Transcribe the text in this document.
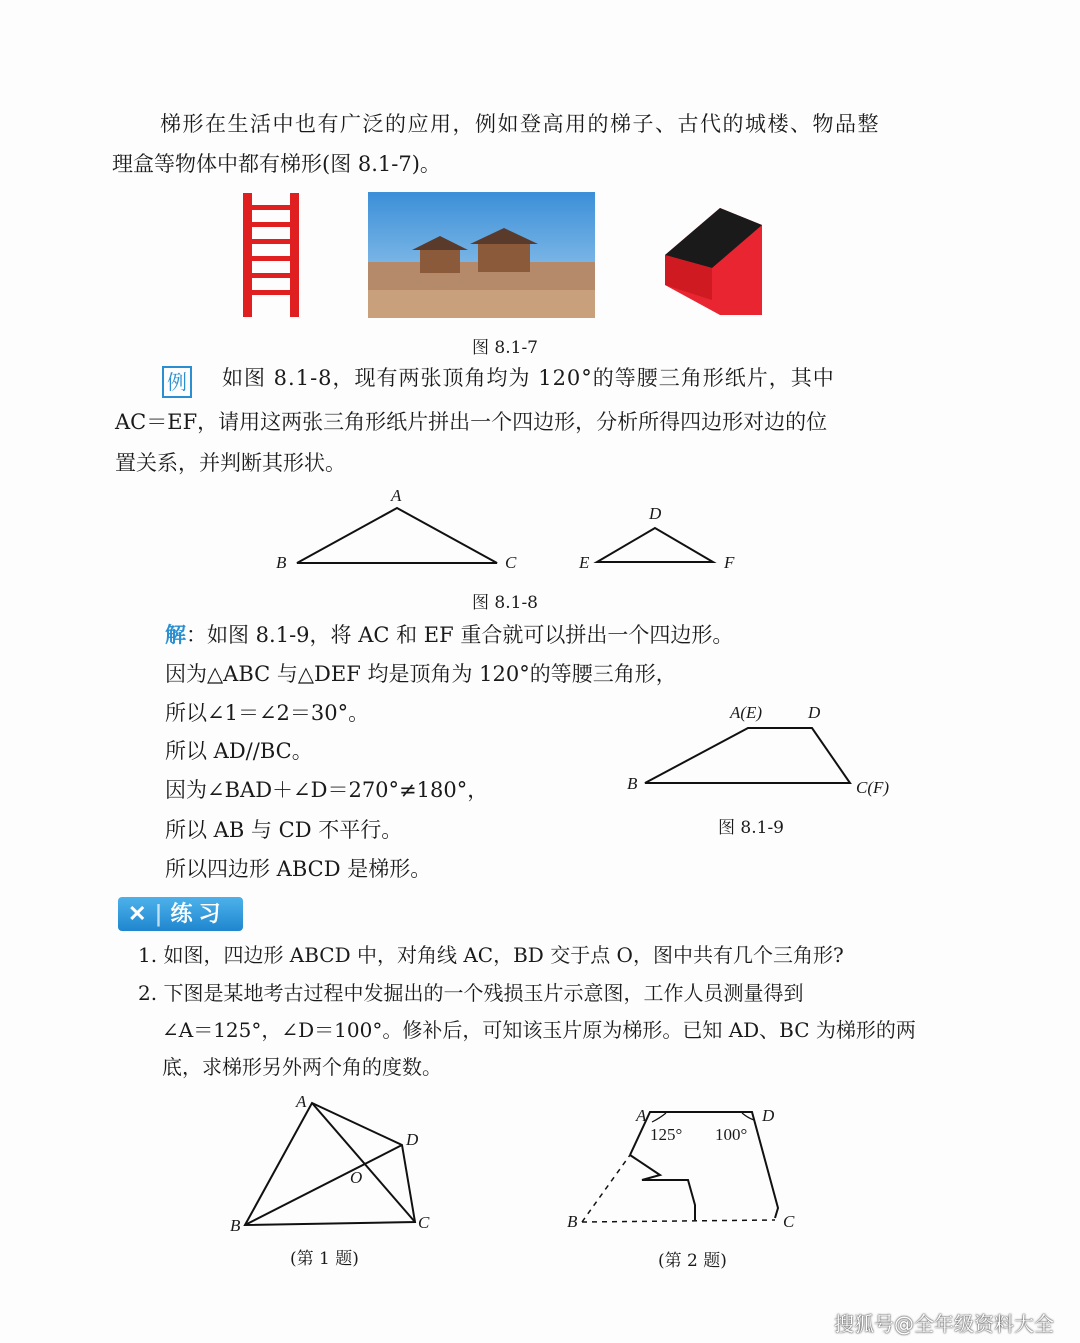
梯形在生活中也有广泛的应用，例如登高用的梯子、古代的城楼、物品整
理盒等物体中都有梯形(图 8.1-7)。
图 8.1-7
例 如图 8.1-8，现有两张顶角均为 120°的等腰三角形纸片，其中
AC＝EF，请用这两张三角形纸片拼出一个四边形，分析所得四边形对边的位
置关系，并判断其形状。
A
B	C
D
E	F
图 8.1-8
解：如图 8.1-9，将 AC 和 EF 重合就可以拼出一个四边形。
因为△ABC 与△DEF 均是顶角为 120°的等腰三角形，
所以∠1＝∠2＝30°。
所以 AD//BC。
因为∠BAD＋∠D＝270°≠180°，
所以 AB 与 CD 不平行。
所以四边形 ABCD 是梯形。
A(E)	D
B	C(F)
图 8.1-9
✕ | 练习
1. 如图，四边形 ABCD 中，对角线 AC，BD 交于点 O，图中共有几个三角形?
2. 下图是某地考古过程中发掘出的一个残损玉片示意图，工作人员测量得到
∠A＝125°，∠D＝100°。修补后，可知该玉片原为梯形。已知 AD、BC 为梯形的两
底，求梯形另外两个角的度数。
A
B	C
D
O
(第 1 题)
A	D
B	C
125° 100°
(第 2 题)
搜狐号@全年级资料大全
